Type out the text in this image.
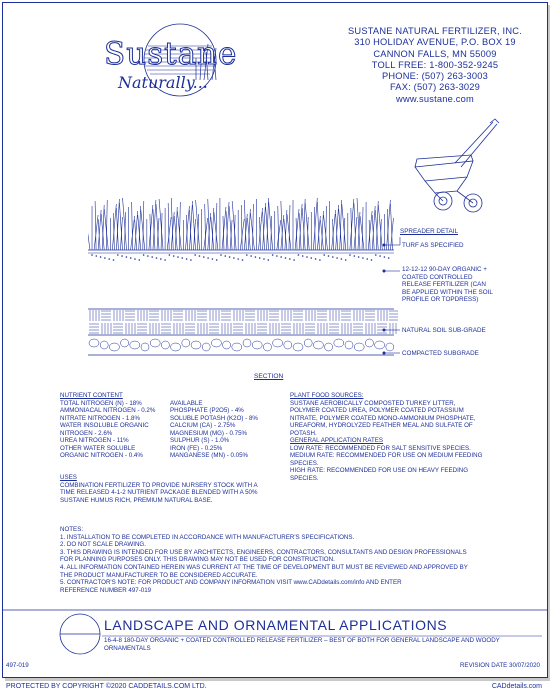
Sustane
Naturally...
SUSTANE NATURAL FERTILIZER, INC.
310 HOLIDAY AVENUE, P.O. BOX 19
CANNON FALLS, MN 55009
TOLL FREE: 1-800-352-9245
PHONE: (507) 263-3003
FAX: (507) 263-3029
www.sustane.com
SPREADER DETAIL
TURF AS SPECIFIED
12-12-12 90-DAY ORGANIC +
COATED CONTROLLED
RELEASE FERTILIZER (CAN
BE APPLIED WITHIN THE SOIL
PROFILE OR TOPDRESS)
NATURAL SOIL SUB-GRADE
COMPACTED SUBGRADE
SECTION
NUTRIENT CONTENT
TOTAL NITROGEN (N) - 18%
AMMONIACAL NITROGEN - 0.2%
NITRATE NITROGEN - 1.8%
WATER INSOLUBLE ORGANIC
NITROGEN - 2.6%
UREA NITROGEN - 11%
OTHER WATER SOLUBLE
ORGANIC NITROGEN - 0.4%
AVAILABLE
PHOSPHATE (P2O5) - 4%
SOLUBLE POTASH (K2O) - 8%
CALCIUM (CA) - 2.75%
MAGNESIUM (MG) - 0.75%
SULPHUR (S) - 1.0%
IRON (FE) - 0.25%
MANGANESE (MN) - 0.05%
USES
COMBINATION FERTILIZER TO PROVIDE NURSERY STOCK WITH A
TIME RELEASED 4-1-2 NUTRIENT PACKAGE BLENDED WITH A 50%
SUSTANE HUMUS RICH, PREMIUM NATURAL BASE.
PLANT FOOD SOURCES:
SUSTANE AEROBICALLY COMPOSTED TURKEY LITTER,
POLYMER COATED UREA, POLYMER COATED POTASSIUM
NITRATE, POLYMER COATED MONO-AMMONIUM PHOSPHATE,
UREAFORM, HYDROLYZED FEATHER MEAL AND SULFATE OF
POTASH.
GENERAL APPLICATION RATES
LOW RATE: RECOMMENDED FOR SALT SENSITIVE SPECIES.
MEDIUM RATE: RECOMMENDED FOR USE ON MEDIUM FEEDING
SPECIES.
HIGH RATE: RECOMMENDED FOR USE ON HEAVY FEEDING
SPECIES.
NOTES:
1. INSTALLATION TO BE COMPLETED IN ACCORDANCE WITH MANUFACTURER'S SPECIFICATIONS.
2. DO NOT SCALE DRAWING.
3. THIS DRAWING IS INTENDED FOR USE BY ARCHITECTS, ENGINEERS, CONTRACTORS, CONSULTANTS AND DESIGN PROFESSIONALS
FOR PLANNING PURPOSES ONLY. THIS DRAWING MAY NOT BE USED FOR CONSTRUCTION.
4. ALL INFORMATION CONTAINED HEREIN WAS CURRENT AT THE TIME OF DEVELOPMENT BUT MUST BE REVIEWED AND APPROVED BY
THE PRODUCT MANUFACTURER TO BE CONSIDERED ACCURATE.
5. CONTRACTOR'S NOTE: FOR PRODUCT AND COMPANY INFORMATION VISIT www.CADdetails.com/info AND ENTER
REFERENCE NUMBER 497-019
LANDSCAPE AND ORNAMENTAL APPLICATIONS
16-4-8 180-DAY ORGANIC + COATED CONTROLLED RELEASE FERTILIZER – BEST OF BOTH FOR GENERAL LANDSCAPE AND WOODY ORNAMENTALS
497-019	REVISION DATE 30/07/2020
PROTECTED BY COPYRIGHT ©2020 CADDETAILS.COM LTD.	CADdetails.com
